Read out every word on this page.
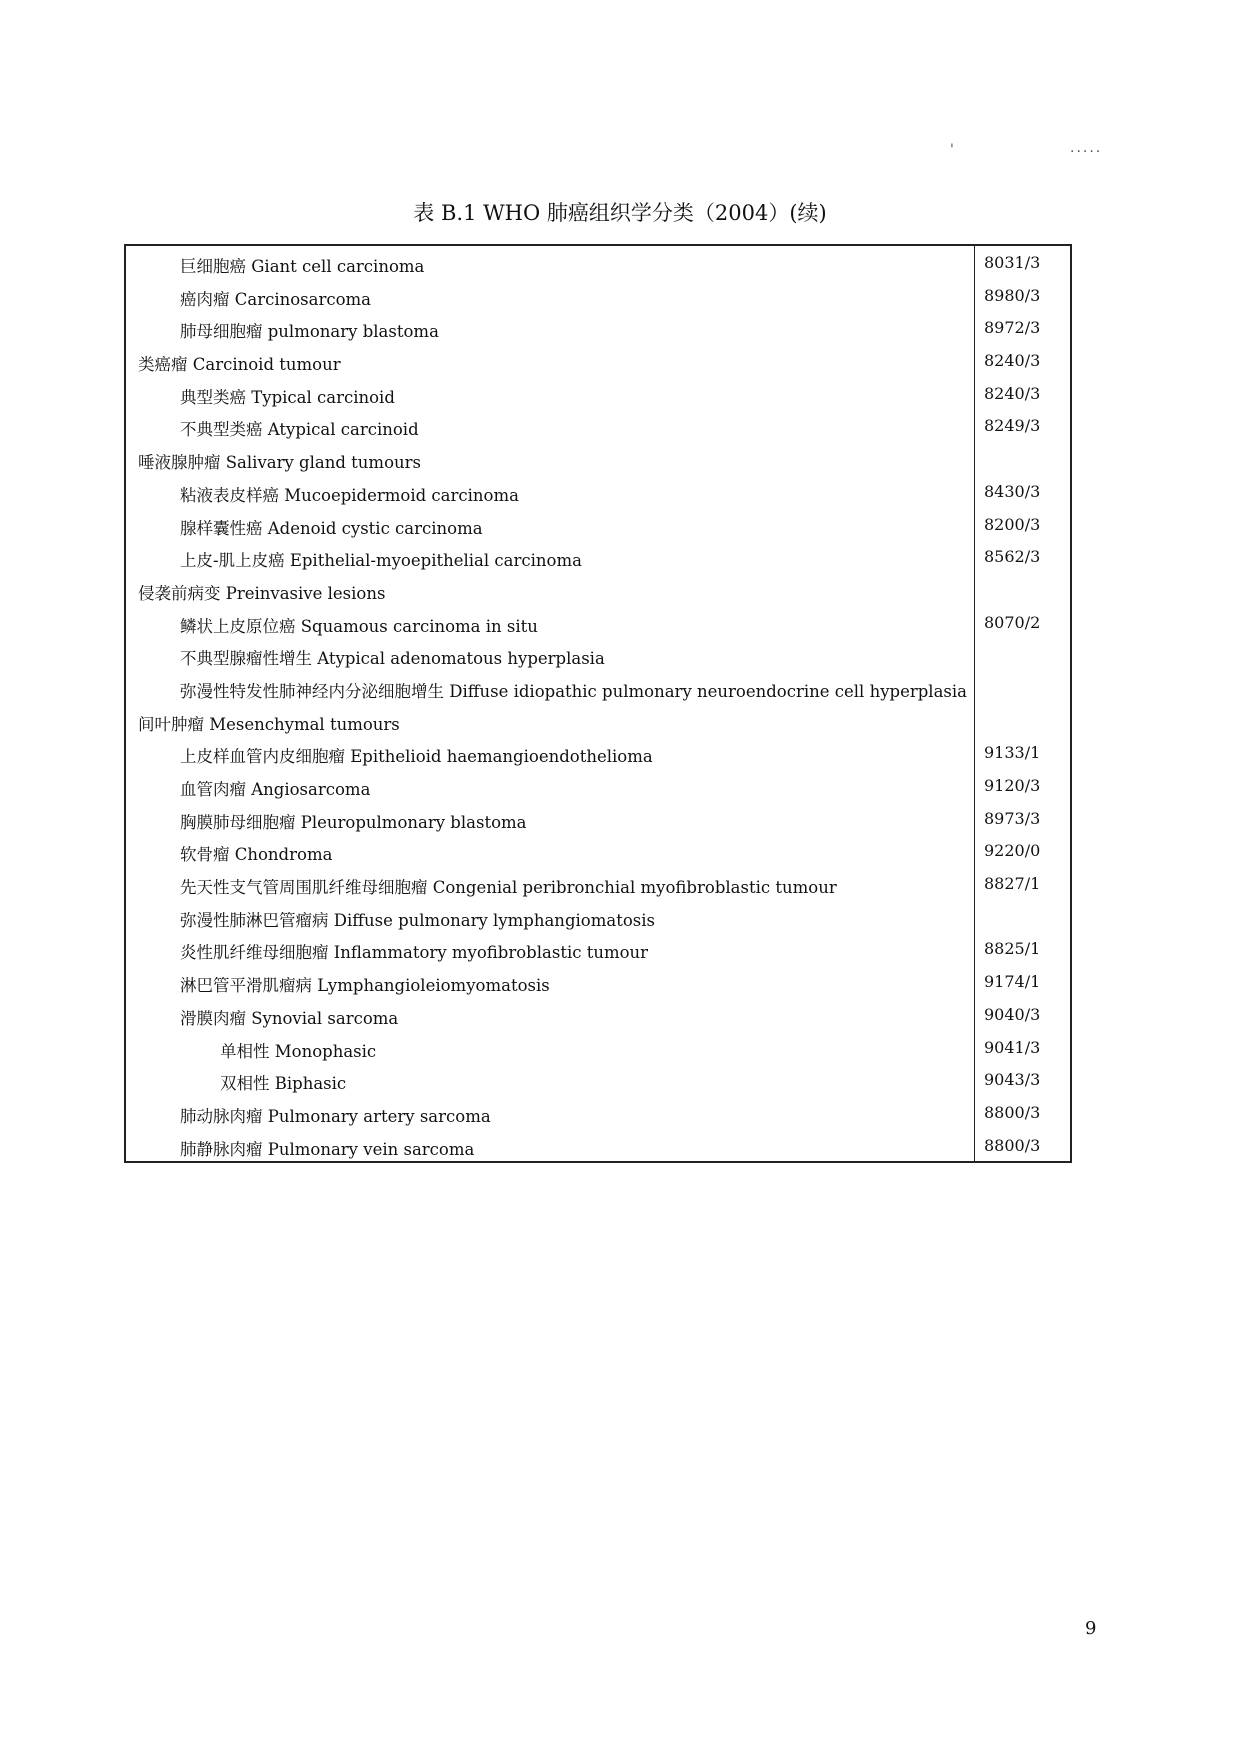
'	.....
表 B.1 WHO 肺癌组织学分类（2004）(续)
巨细胞癌 Giant cell carcinoma	8031/3
癌肉瘤 Carcinosarcoma	8980/3
肺母细胞瘤 pulmonary blastoma	8972/3
类癌瘤 Carcinoid tumour	8240/3
典型类癌 Typical carcinoid	8240/3
不典型类癌 Atypical carcinoid	8249/3
唾液腺肿瘤 Salivary gland tumours
粘液表皮样癌 Mucoepidermoid carcinoma	8430/3
腺样囊性癌 Adenoid cystic carcinoma	8200/3
上皮-肌上皮癌 Epithelial-myoepithelial carcinoma	8562/3
侵袭前病变 Preinvasive lesions
鳞状上皮原位癌 Squamous carcinoma in situ	8070/2
不典型腺瘤性增生 Atypical adenomatous hyperplasia
弥漫性特发性肺神经内分泌细胞增生 Diffuse idiopathic pulmonary neuroendocrine cell hyperplasia
间叶肿瘤 Mesenchymal tumours
上皮样血管内皮细胞瘤 Epithelioid haemangioendothelioma	9133/1
血管肉瘤 Angiosarcoma	9120/3
胸膜肺母细胞瘤 Pleuropulmonary blastoma	8973/3
软骨瘤 Chondroma	9220/0
先天性支气管周围肌纤维母细胞瘤 Congenial peribronchial myofibroblastic tumour	8827/1
弥漫性肺淋巴管瘤病 Diffuse pulmonary lymphangiomatosis
炎性肌纤维母细胞瘤 Inflammatory myofibroblastic tumour	8825/1
淋巴管平滑肌瘤病 Lymphangioleiomyomatosis	9174/1
滑膜肉瘤 Synovial sarcoma	9040/3
单相性 Monophasic	9041/3
双相性 Biphasic	9043/3
肺动脉肉瘤 Pulmonary artery sarcoma	8800/3
肺静脉肉瘤 Pulmonary vein sarcoma	8800/3
9
